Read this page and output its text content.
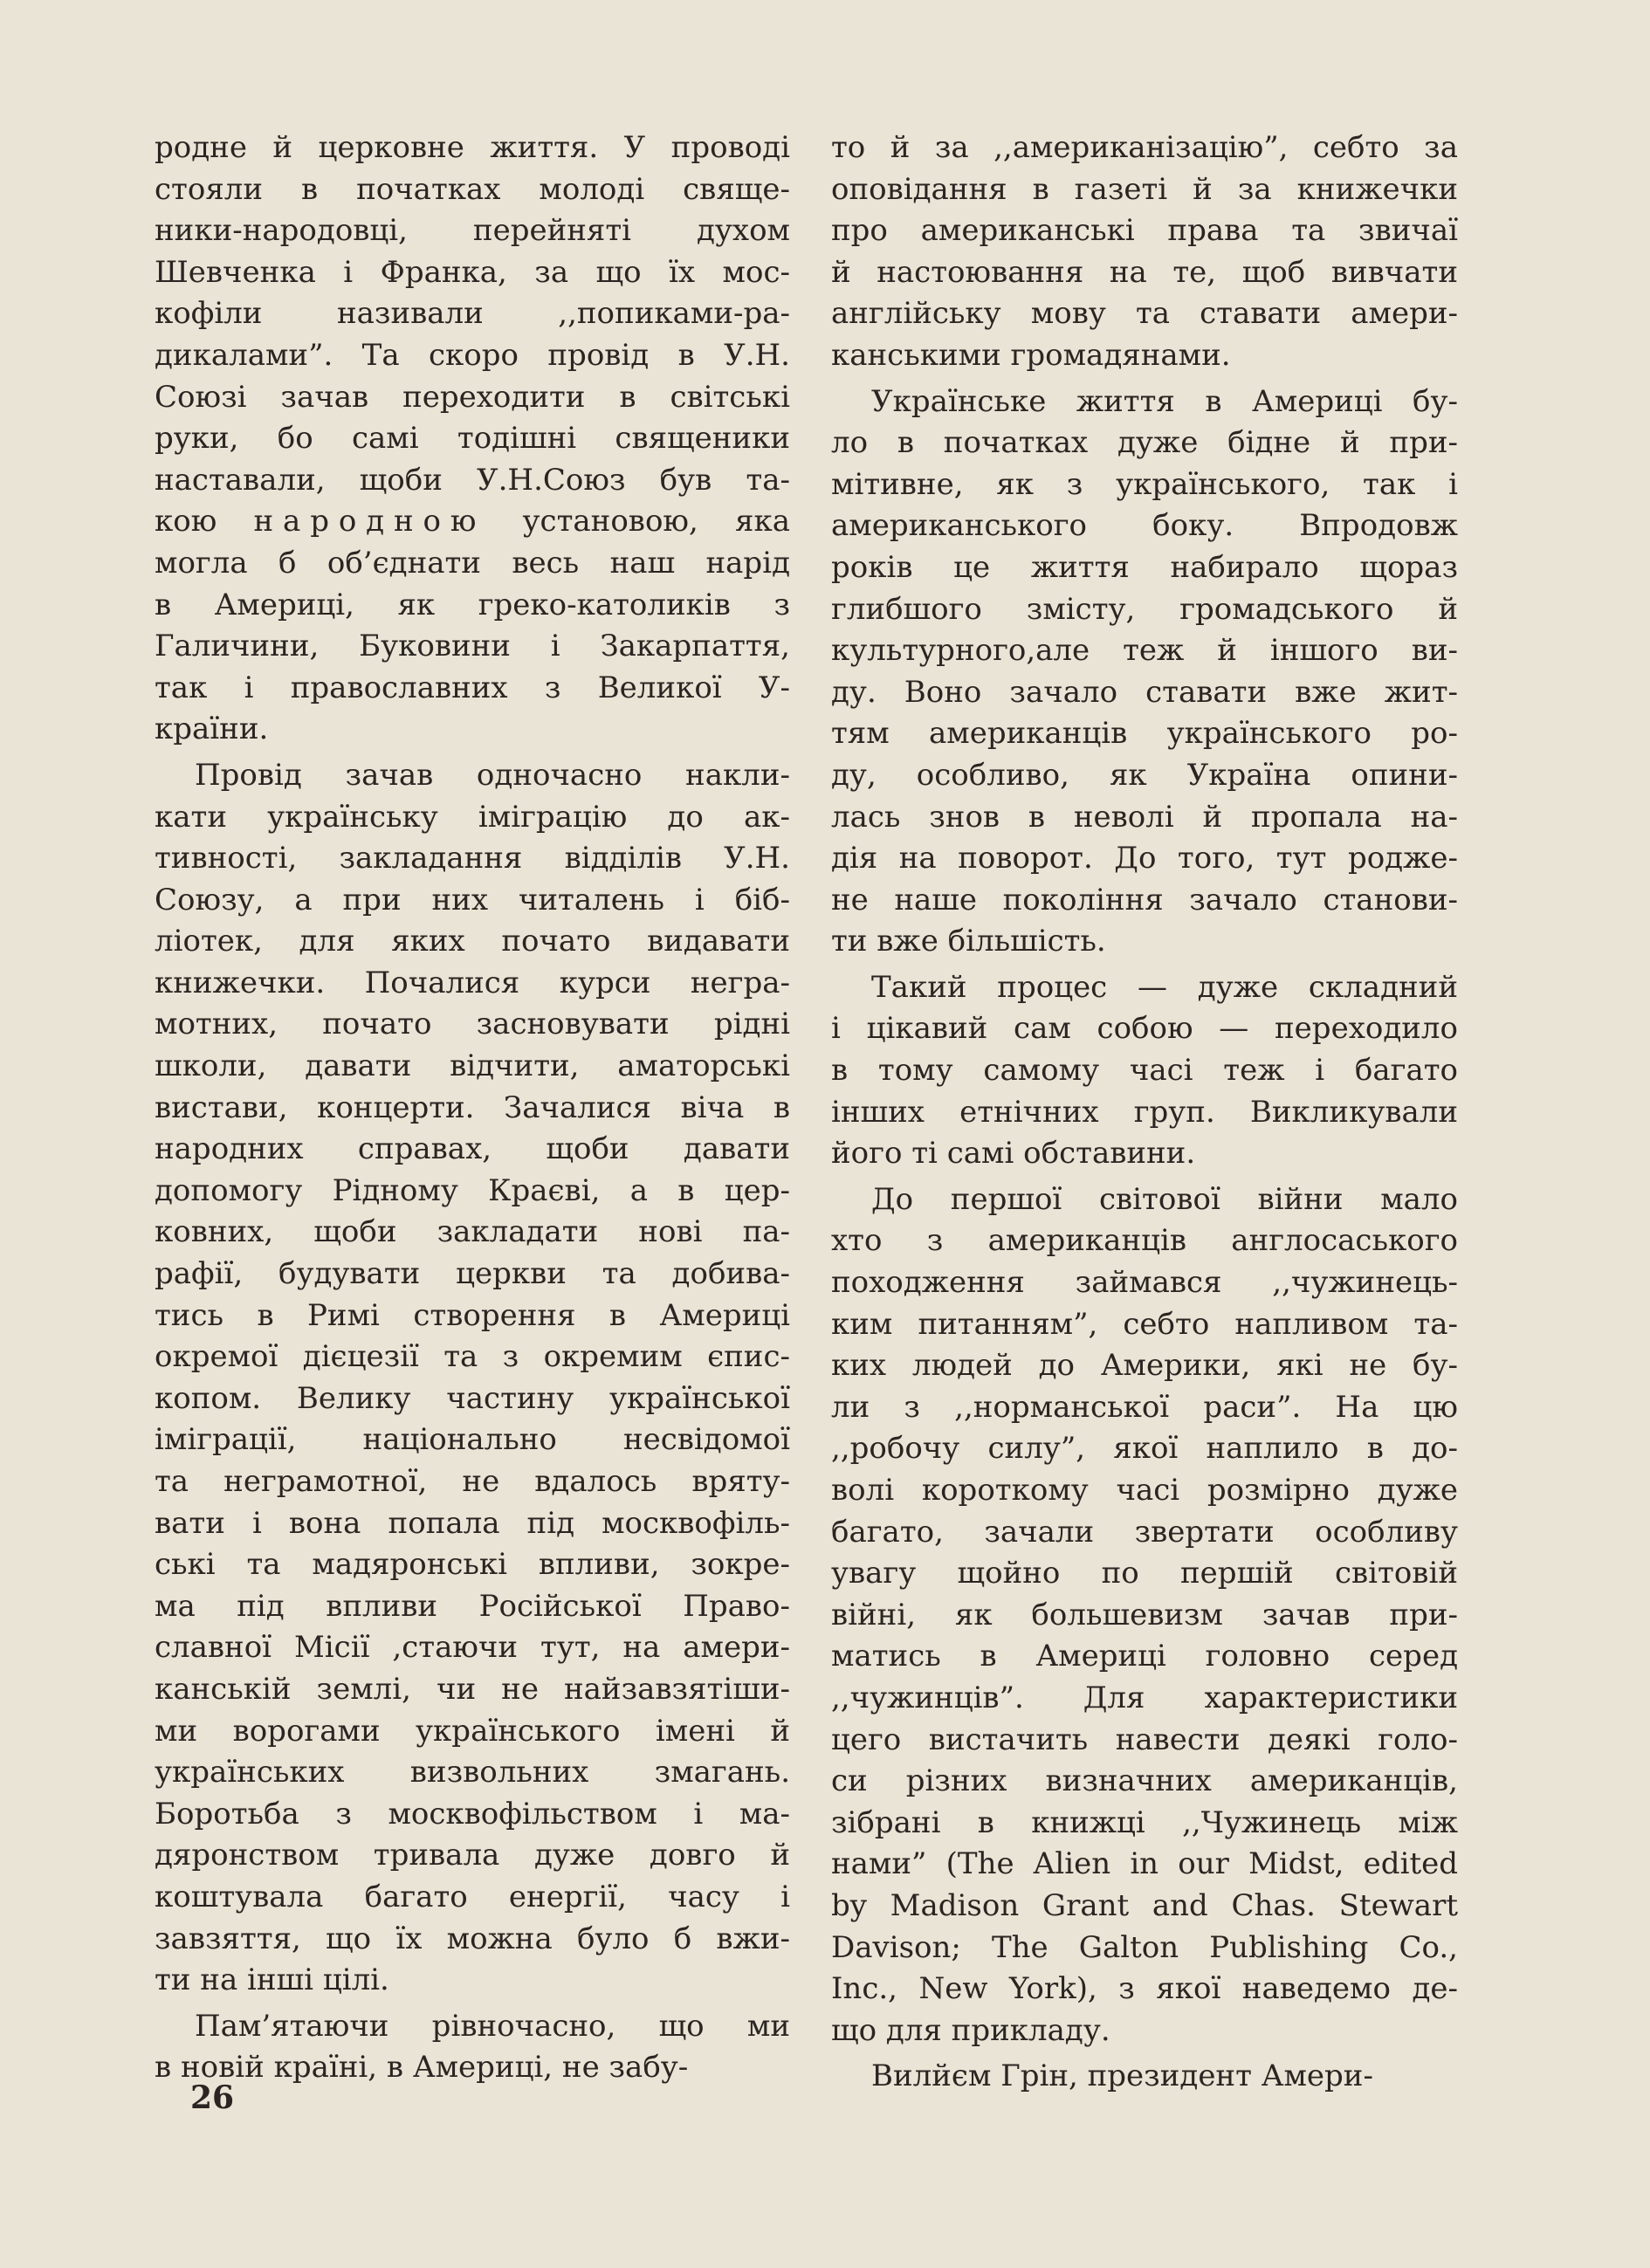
родне й церковне життя. У проводі
стояли в початках молоді свяще-
ники-народовці, перейняті духом
Шевченка і Франка, за що їх мос-
кофіли називали ,,попиками-ра-
дикалами”. Та скоро провід в У.Н.
Союзі зачав переходити в світські
руки, бо самі тодішні священики
наставали, щоби У.Н.Союз був та-
кою народною установою, яка
могла б об’єднати весь наш нарід
в Америці, як греко-католиків з
Галичини, Буковини і Закарпаття,
так і православних з Великої У-
країни.
Провід зачав одночасно накли-
кати українську іміграцію до ак-
тивності, закладання відділів У.Н.
Союзу, а при них читалень і біб-
ліотек, для яких почато видавати
книжечки. Почалися курси негра-
мотних, почато засновувати рідні
школи, давати відчити, аматорські
вистави, концерти. Зачалися віча в
народних справах, щоби давати
допомогу Рідному Краєві, а в цер-
ковних, щоби закладати нові па-
рафії, будувати церкви та добива-
тись в Римі створення в Америці
окремої дієцезії та з окремим єпис-
копом. Велику частину української
іміграції, національно несвідомої
та неграмотної, не вдалось вряту-
вати і вона попала під москвофіль-
ські та мадяронські впливи, зокре-
ма під впливи Російської Право-
славної Місії ,стаючи тут, на амери-
канській землі, чи не найзавзятіши-
ми ворогами українського імені й
українських визвольних змагань.
Боротьба з москвофільством і ма-
дяронством тривала дуже довго й
коштувала багато енергії, часу і
завзяття, що їх можна було б вжи-
ти на інші цілі.
Пам’ятаючи рівночасно, що ми
в новій країні, в Америці, не забу-
то й за ,,американізацію”, себто за
оповідання в газеті й за книжечки
про американські права та звичаї
й настоювання на те, щоб вивчати
англійську мову та ставати амери-
канськими громадянами.
Українське життя в Америці бу-
ло в початках дуже бідне й при-
мітивне, як з українського, так і
американського боку. Впродовж
років це життя набирало щораз
глибшого змісту, громадського й
культурного,але теж й іншого ви-
ду. Воно зачало ставати вже жит-
тям американців українського ро-
ду, особливо, як Україна опини-
лась знов в неволі й пропала на-
дія на поворот. До того, тут родже-
не наше покоління зачало станови-
ти вже більшість.
Такий процес — дуже складний
і цікавий сам собою — переходило
в тому самому часі теж і багато
інших етнічних груп. Викликували
його ті самі обставини.
До першої світової війни мало
хто з американців англосаського
походження займався ,,чужинець-
ким питанням”, себто напливом та-
ких людей до Америки, які не бу-
ли з ,,норманської раси”. На цю
,,робочу силу”, якої наплило в до-
волі короткому часі розмірно дуже
багато, зачали звертати особливу
увагу щойно по першій світовій
війні, як большевизм зачав при-
матись в Америці головно серед
,,чужинців”. Для характеристики
цего вистачить навести деякі голо-
си різних визначних американців,
зібрані в книжці ,,Чужинець між
нами” (The Alien in our Midst, edited
by Madison Grant and Chas. Stewart
Davison; The Galton Publishing Co.,
Inc., New York), з якої наведемо де-
що для прикладу.
Вилйєм Грін, президент Амери-
26
